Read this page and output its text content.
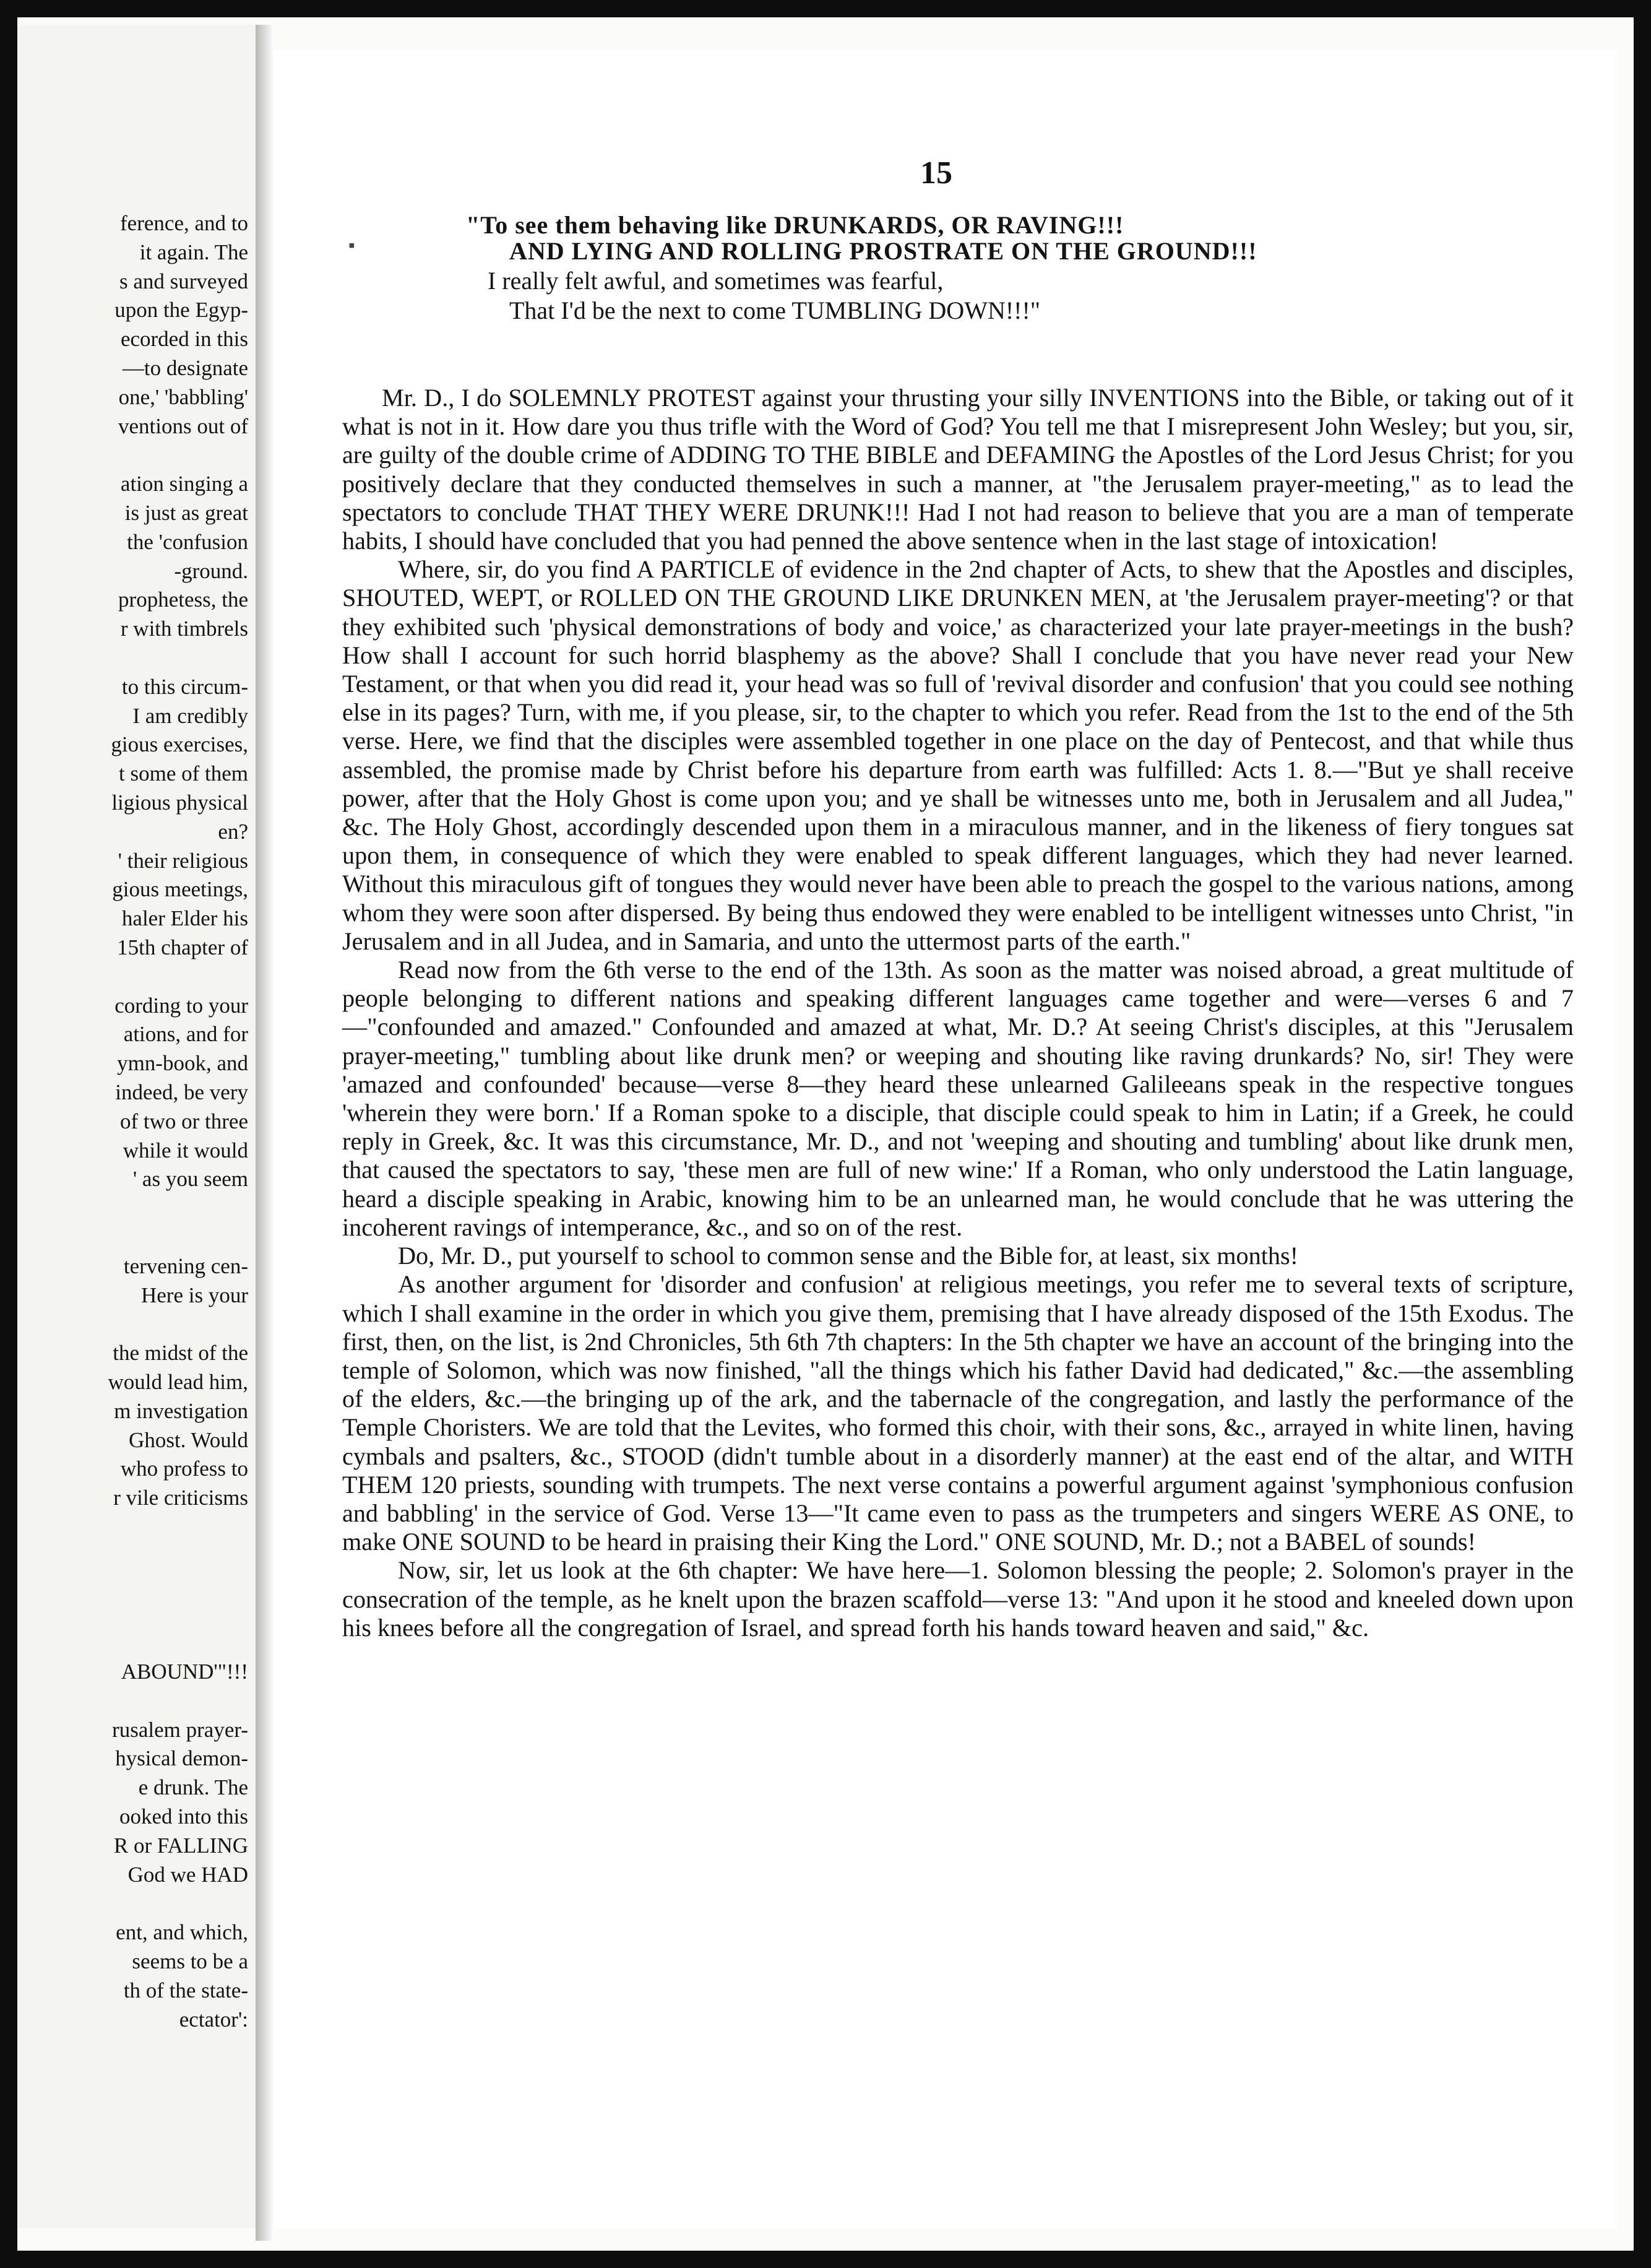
ference, and to
it again. The
s and surveyed
upon the Egyp-
ecorded in this
—to designate
one,' 'babbling'
ventions out of
ation singing a
is just as great
the 'confusion
-ground.
prophetess, the
r with timbrels
to this circum-
I am credibly
gious exercises,
t some of them
ligious physical
en?
' their religious
gious meetings,
haler Elder his
15th chapter of
cording to your
ations, and for
ymn-book, and
indeed, be very
of two or three
while it would
' as you seem
tervening cen-
Here is your
the midst of the
would lead him,
m investigation
Ghost. Would
who profess to
r vile criticisms
ABOUND'"!!!
rusalem prayer-
hysical demon-
e drunk. The
ooked into this
R or FALLING
God we HAD
ent, and which,
seems to be a
th of the state-
ectator':
15
▪
"To see them behaving like DRUNKARDS, OR RAVING!!!
AND LYING AND ROLLING PROSTRATE ON THE GROUND!!!
I really felt awful, and sometimes was fearful,
That I'd be the next to come TUMBLING DOWN!!!"

Mr. D., I do SOLEMNLY PROTEST against your thrusting your silly INVENTIONS into the Bible, or taking out of it what is not in it. How dare you thus trifle with the Word of God? You tell me that I misrepresent John Wesley; but you, sir, are guilty of the double crime of ADDING TO THE BIBLE and DEFAMING the Apostles of the Lord Jesus Christ; for you positively declare that they conducted themselves in such a manner, at "the Jerusalem prayer-meeting," as to lead the spectators to conclude THAT THEY WERE DRUNK!!! Had I not had reason to believe that you are a man of temperate habits, I should have concluded that you had penned the above sentence when in the last stage of intoxication!

Where, sir, do you find A PARTICLE of evidence in the 2nd chapter of Acts, to shew that the Apostles and disciples, SHOUTED, WEPT, or ROLLED ON THE GROUND LIKE DRUNKEN MEN, at 'the Jerusalem prayer-meeting'? or that they exhibited such 'physical demonstrations of body and voice,' as characterized your late prayer-meetings in the bush? How shall I account for such horrid blasphemy as the above? Shall I conclude that you have never read your New Testament, or that when you did read it, your head was so full of 'revival disorder and confusion' that you could see nothing else in its pages? Turn, with me, if you please, sir, to the chapter to which you refer. Read from the 1st to the end of the 5th verse. Here, we find that the disciples were assembled together in one place on the day of Pentecost, and that while thus assembled, the promise made by Christ before his departure from earth was fulfilled: Acts 1. 8.—"But ye shall receive power, after that the Holy Ghost is come upon you; and ye shall be witnesses unto me, both in Jerusalem and all Judea," &c. The Holy Ghost, accordingly descended upon them in a miraculous manner, and in the likeness of fiery tongues sat upon them, in consequence of which they were enabled to speak different languages, which they had never learned. Without this miraculous gift of tongues they would never have been able to preach the gospel to the various nations, among whom they were soon after dispersed. By being thus endowed they were enabled to be intelligent witnesses unto Christ, "in Jerusalem and in all Judea, and in Samaria, and unto the uttermost parts of the earth."

Read now from the 6th verse to the end of the 13th. As soon as the matter was noised abroad, a great multitude of people belonging to different nations and speaking different languages came together and were—verses 6 and 7—"confounded and amazed." Confounded and amazed at what, Mr. D.? At seeing Christ's disciples, at this "Jerusalem prayer-meeting," tumbling about like drunk men? or weeping and shouting like raving drunkards? No, sir! They were 'amazed and confounded' because—verse 8—they heard these unlearned Galileeans speak in the respective tongues 'wherein they were born.' If a Roman spoke to a disciple, that disciple could speak to him in Latin; if a Greek, he could reply in Greek, &c. It was this circumstance, Mr. D., and not 'weeping and shouting and tumbling' about like drunk men, that caused the spectators to say, 'these men are full of new wine:' If a Roman, who only understood the Latin language, heard a disciple speaking in Arabic, knowing him to be an unlearned man, he would conclude that he was uttering the incoherent ravings of intemperance, &c., and so on of the rest.

Do, Mr. D., put yourself to school to common sense and the Bible for, at least, six months!

As another argument for 'disorder and confusion' at religious meetings, you refer me to several texts of scripture, which I shall examine in the order in which you give them, premising that I have already disposed of the 15th Exodus. The first, then, on the list, is 2nd Chronicles, 5th 6th 7th chapters: In the 5th chapter we have an account of the bringing into the temple of Solomon, which was now finished, "all the things which his father David had dedicated," &c.—the assembling of the elders, &c.—the bringing up of the ark, and the tabernacle of the congregation, and lastly the performance of the Temple Choristers. We are told that the Levites, who formed this choir, with their sons, &c., arrayed in white linen, having cymbals and psalters, &c., STOOD (didn't tumble about in a disorderly manner) at the east end of the altar, and WITH THEM 120 priests, sounding with trumpets. The next verse contains a powerful argument against 'symphonious confusion and babbling' in the service of God. Verse 13—"It came even to pass as the trumpeters and singers WERE AS ONE, to make ONE SOUND to be heard in praising their King the Lord." ONE SOUND, Mr. D.; not a BABEL of sounds!

Now, sir, let us look at the 6th chapter: We have here—1. Solomon blessing the people; 2. Solomon's prayer in the consecration of the temple, as he knelt upon the brazen scaffold—verse 13: "And upon it he stood and kneeled down upon his knees before all the congregation of Israel, and spread forth his hands toward heaven and said," &c.
